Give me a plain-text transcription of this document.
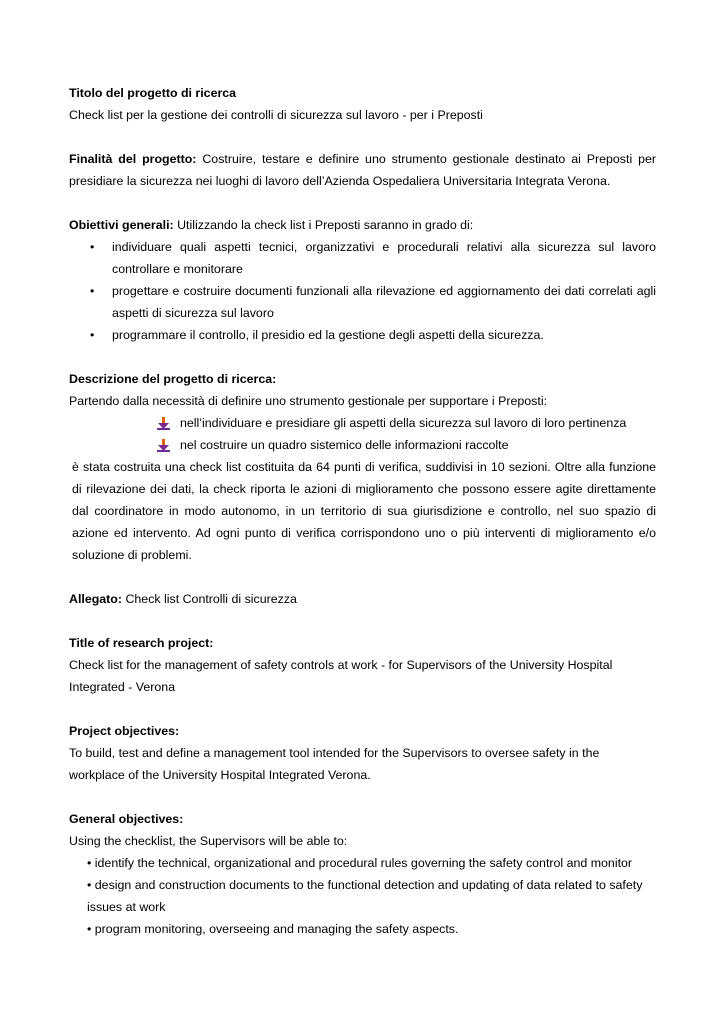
Titolo del progetto di ricerca

Check list per la gestione dei controlli di sicurezza sul lavoro - per i Preposti

Finalità del progetto: Costruire, testare e definire uno strumento gestionale destinato ai Preposti per presidiare la sicurezza nei luoghi di lavoro dell’Azienda Ospedaliera Universitaria Integrata Verona.

Obiettivi generali: Utilizzando la check list i Preposti saranno in grado di:

• individuare quali aspetti tecnici, organizzativi e procedurali relativi alla sicurezza sul lavoro controllare e monitorare
• progettare e costruire documenti funzionali alla rilevazione ed aggiornamento dei dati correlati agli aspetti di sicurezza sul lavoro
• programmare il controllo, il presidio ed la gestione degli aspetti della sicurezza.

Descrizione del progetto di ricerca:

Partendo dalla necessità di definire uno strumento gestionale per supportare i Preposti:

nell’individuare e presidiare gli aspetti della sicurezza sul lavoro di loro pertinenza
nel costruire un quadro sistemico delle informazioni raccolte

è stata costruita una check list costituita da 64 punti di verifica, suddivisi in 10 sezioni. Oltre alla funzione di rilevazione dei dati, la check riporta le azioni di miglioramento che possono essere agite direttamente dal coordinatore in modo autonomo, in un territorio di sua giurisdizione e controllo, nel suo spazio di azione ed intervento. Ad ogni punto di verifica corrispondono uno o più interventi di miglioramento e/o soluzione di problemi.

Allegato: Check list Controlli di sicurezza

Title of research project:

Check list for the management of safety controls at work - for Supervisors of the University Hospital Integrated - Verona

Project objectives:

To build, test and define a management tool intended for the Supervisors to oversee safety in the workplace of the University Hospital Integrated Verona.

General objectives:

Using the checklist, the Supervisors will be able to:

• identify the technical, organizational and procedural rules governing the safety control and monitor
• design and construction documents to the functional detection and updating of data related to safety issues at work
• program monitoring, overseeing and managing the safety aspects.
